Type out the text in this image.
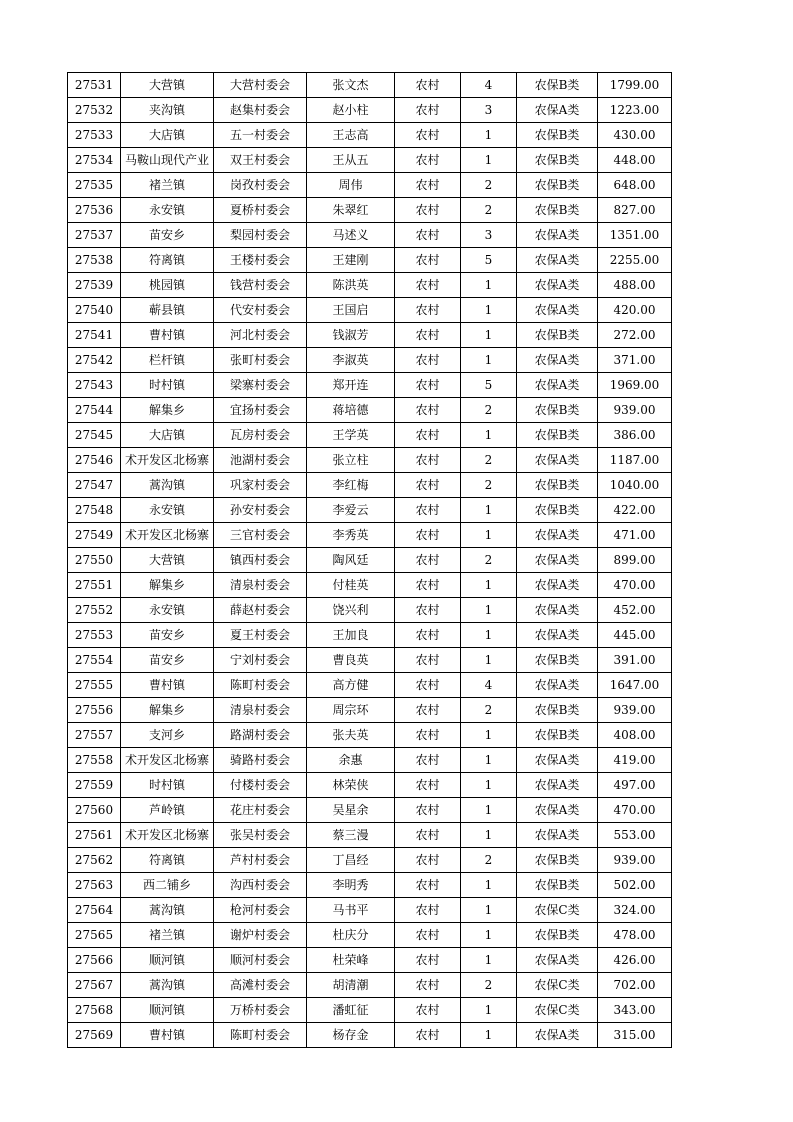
27531	大营镇	大营村委会	张文杰	农村	4	农保B类	1799.00
27532	夹沟镇	赵集村委会	赵小柱	农村	3	农保A类	1223.00
27533	大店镇	五一村委会	王志高	农村	1	农保B类	430.00
27534	马鞍山现代产业	双王村委会	王从五	农村	1	农保B类	448.00
27535	褚兰镇	岗孜村委会	周伟	农村	2	农保B类	648.00
27536	永安镇	夏桥村委会	朱翠红	农村	2	农保B类	827.00
27537	苗安乡	梨园村委会	马述义	农村	3	农保A类	1351.00
27538	符离镇	王楼村委会	王建刚	农村	5	农保A类	2255.00
27539	桃园镇	钱营村委会	陈洪英	农村	1	农保A类	488.00
27540	蕲县镇	代安村委会	王国启	农村	1	农保A类	420.00
27541	曹村镇	河北村委会	钱淑芳	农村	1	农保B类	272.00
27542	栏杆镇	张町村委会	李淑英	农村	1	农保A类	371.00
27543	时村镇	梁寨村委会	郑开连	农村	5	农保A类	1969.00
27544	解集乡	宜扬村委会	蒋培德	农村	2	农保B类	939.00
27545	大店镇	瓦房村委会	王学英	农村	1	农保B类	386.00
27546	术开发区北杨寨	池湖村委会	张立柱	农村	2	农保A类	1187.00
27547	蒿沟镇	巩家村委会	李红梅	农村	2	农保B类	1040.00
27548	永安镇	孙安村委会	李爱云	农村	1	农保B类	422.00
27549	术开发区北杨寨	三官村委会	李秀英	农村	1	农保A类	471.00
27550	大营镇	镇西村委会	陶风廷	农村	2	农保A类	899.00
27551	解集乡	清泉村委会	付桂英	农村	1	农保A类	470.00
27552	永安镇	薛赵村委会	饶兴利	农村	1	农保A类	452.00
27553	苗安乡	夏王村委会	王加良	农村	1	农保A类	445.00
27554	苗安乡	宁刘村委会	曹良英	农村	1	农保B类	391.00
27555	曹村镇	陈町村委会	高方健	农村	4	农保A类	1647.00
27556	解集乡	清泉村委会	周宗环	农村	2	农保B类	939.00
27557	支河乡	路湖村委会	张夫英	农村	1	农保B类	408.00
27558	术开发区北杨寨	骑路村委会	余惠	农村	1	农保A类	419.00
27559	时村镇	付楼村委会	林荣侠	农村	1	农保A类	497.00
27560	芦岭镇	花庄村委会	吴星余	农村	1	农保A类	470.00
27561	术开发区北杨寨	张吴村委会	蔡三漫	农村	1	农保A类	553.00
27562	符离镇	芦村村委会	丁昌经	农村	2	农保B类	939.00
27563	西二铺乡	沟西村委会	李明秀	农村	1	农保B类	502.00
27564	蒿沟镇	枪河村委会	马书平	农村	1	农保C类	324.00
27565	褚兰镇	谢炉村委会	杜庆分	农村	1	农保B类	478.00
27566	顺河镇	顺河村委会	杜荣峰	农村	1	农保A类	426.00
27567	蒿沟镇	高滩村委会	胡清潮	农村	2	农保C类	702.00
27568	顺河镇	万桥村委会	潘虹征	农村	1	农保C类	343.00
27569	曹村镇	陈町村委会	杨存金	农村	1	农保A类	315.00
